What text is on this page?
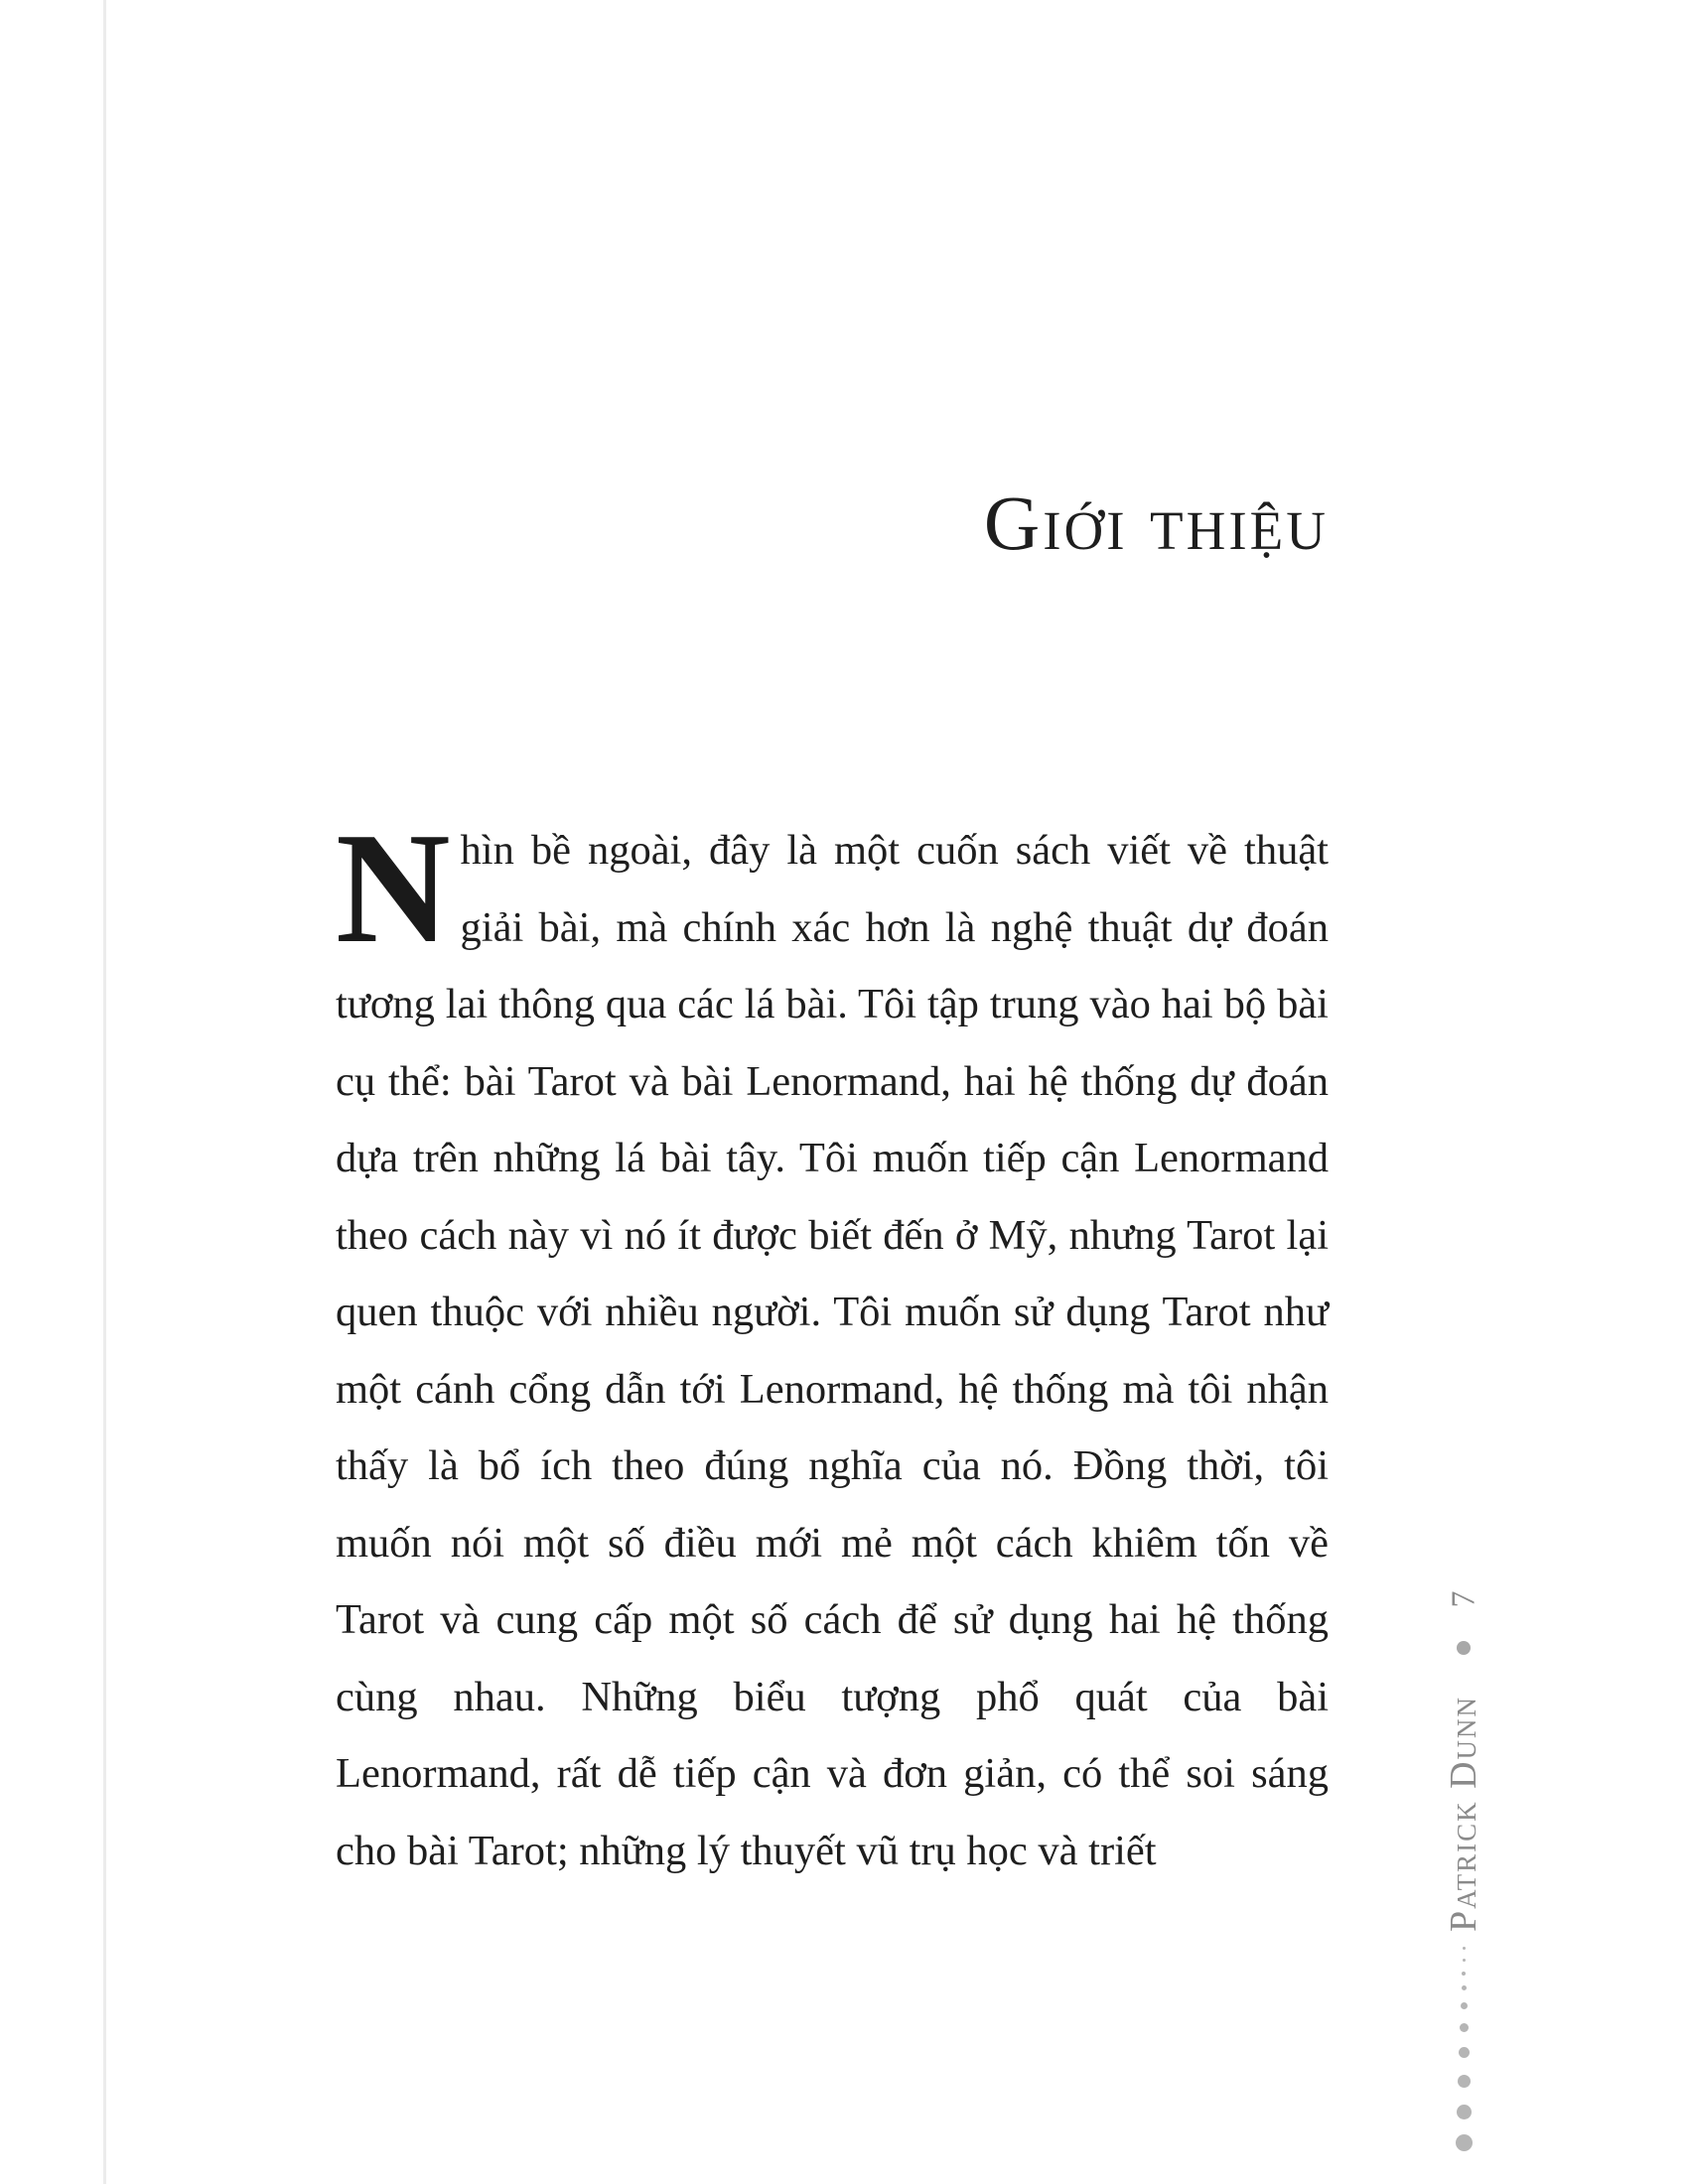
Giới thiệu

Nhìn bề ngoài, đây là một cuốn sách viết về thuật giải bài, mà chính xác hơn là nghệ thuật dự đoán tương lai thông qua các lá bài. Tôi tập trung vào hai bộ bài cụ thể: bài Tarot và bài Lenormand, hai hệ thống dự đoán dựa trên những lá bài tây. Tôi muốn tiếp cận Lenormand theo cách này vì nó ít được biết đến ở Mỹ, nhưng Tarot lại quen thuộc với nhiều người. Tôi muốn sử dụng Tarot như một cánh cổng dẫn tới Lenormand, hệ thống mà tôi nhận thấy là bổ ích theo đúng nghĩa của nó. Đồng thời, tôi muốn nói một số điều mới mẻ một cách khiêm tốn về Tarot và cung cấp một số cách để sử dụng hai hệ thống cùng nhau. Những biểu tượng phổ quát của bài Lenormand, rất dễ tiếp cận và đơn giản, có thể soi sáng cho bài Tarot; những lý thuyết vũ trụ học và triết

7
Patrick Dunn
